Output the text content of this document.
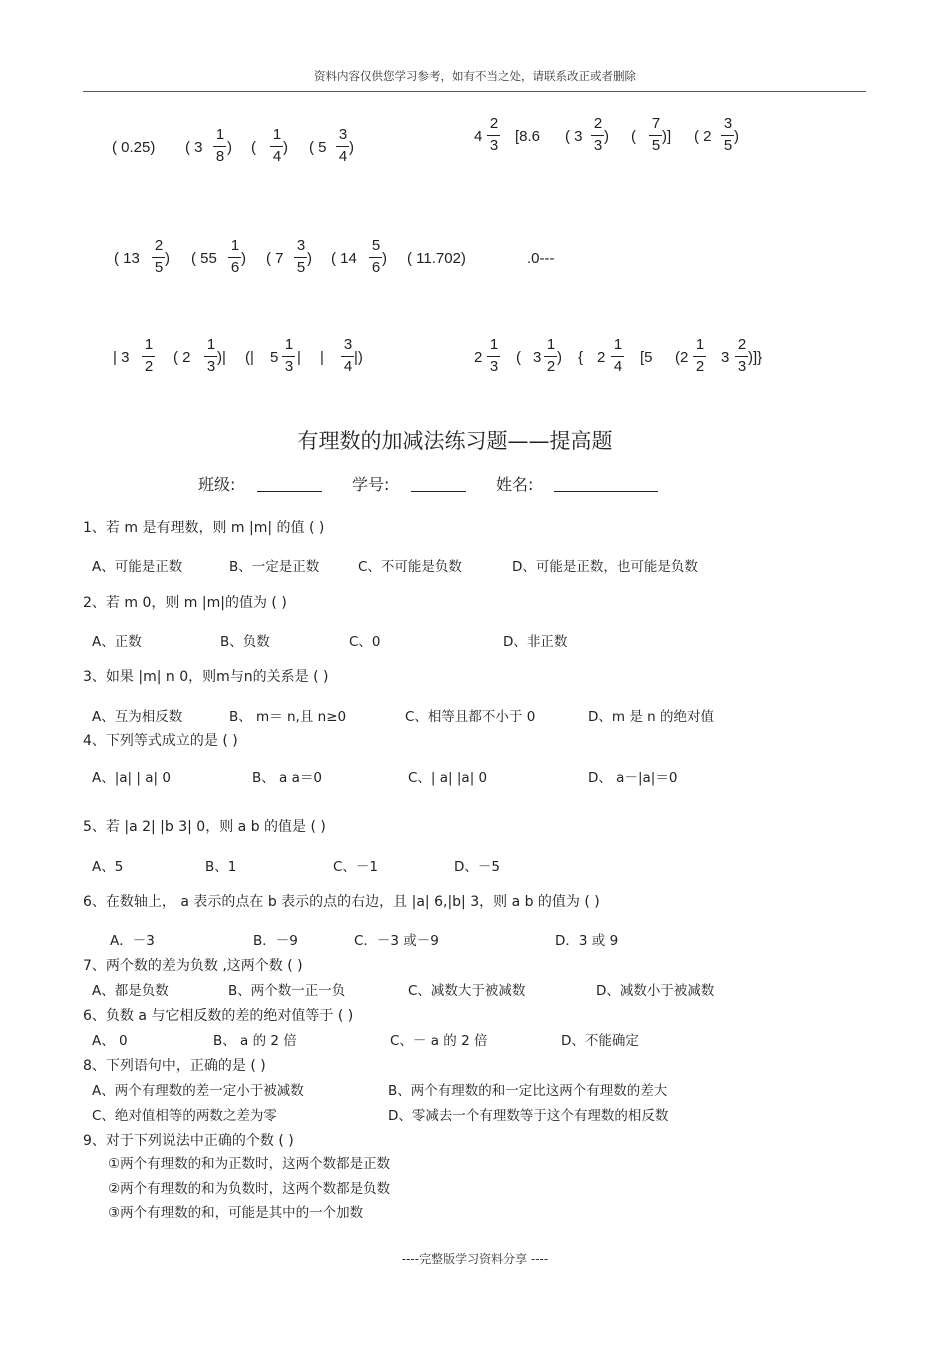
资料内容仅供您学习参考，如有不当之处，请联系改正或者删除
( 0.25) ( 3
1
8
) (
1
4
) ( 5
3
4
)
4
2
3
[8.6 ( 3
2
3
) (
7
5
)] ( 2
3
5
)
( 13
2
5
) ( 55
1
6
) ( 7
3
5
) ( 14
5
6
) ( 11.702)	.0---
| 3
1
2
( 2
1
3
)| (| 5
1
3
| |
3
4
|)	2
1
3
( 3
1
2
) { 2
1
4
[5 (2
1
2
3
2
3
)]}
有理数的加减法练习题——提高题
班级:	学号:	姓名:
1、若 m 是有理数，则 m |m| 的值 ( )
A、可能是正数	B、一定是正数	C、不可能是负数	D、可能是正数，也可能是负数
2、若 m 0，则 m |m|的值为 ( )
A、正数	B、负数	C、0	D、非正数
3、如果 |m| n 0，则m与n的关系是 ( )
A、互为相反数	B、 m＝ n,且 n≥0	C、相等且都不小于 0	D、m 是 n 的绝对值
4、下列等式成立的是 ( )
A、|a| | a| 0	B、 a a＝0	C、| a| |a| 0	D、 a－|a|＝0
5、若 |a 2| |b 3| 0，则 a b 的值是 ( )
A、5	B、1	C、－1	D、－5
6、在数轴上， a 表示的点在 b 表示的点的右边，且 |a| 6,|b| 3，则 a b 的值为 ( )
A．－3	B．－9	C．－3 或－9	D．3 或 9
7、两个数的差为负数 ,这两个数 ( )
A、都是负数	B、两个数一正一负	C、减数大于被减数	D、减数小于被减数
6、负数 a 与它相反数的差的绝对值等于 ( )
A、 0	B、 a 的 2 倍	C、－ a 的 2 倍	D、不能确定
8、下列语句中，正确的是 ( )
A、两个有理数的差一定小于被减数	B、两个有理数的和一定比这两个有理数的差大
C、绝对值相等的两数之差为零	D、零减去一个有理数等于这个有理数的相反数
9、对于下列说法中正确的个数 ( )
①两个有理数的和为正数时，这两个数都是正数
②两个有理数的和为负数时，这两个数都是负数
③两个有理数的和，可能是其中的一个加数
----完整版学习资料分享 ----
